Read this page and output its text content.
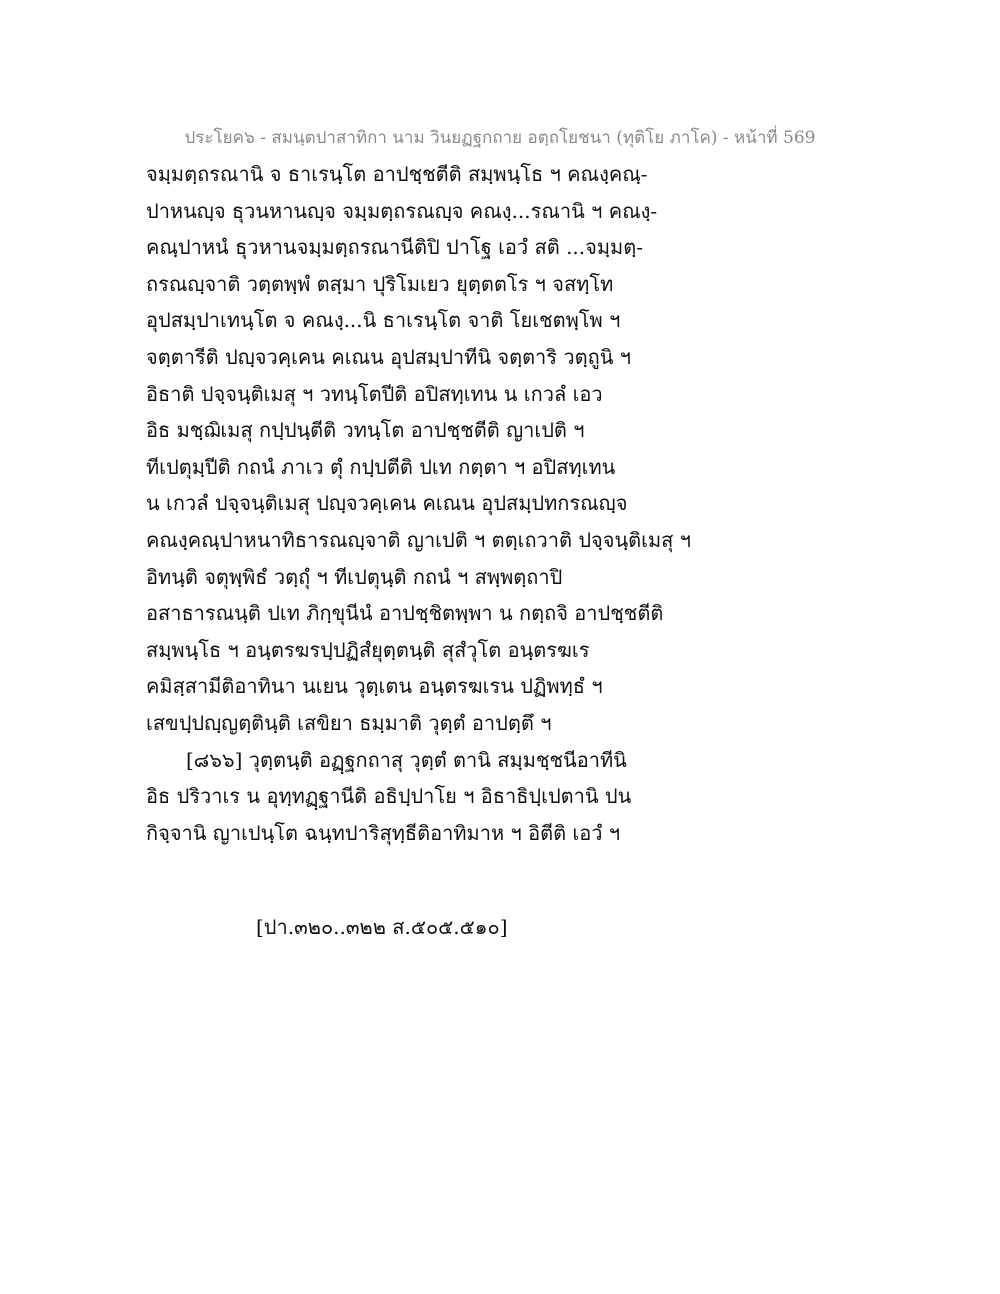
ประโยค๖ - สมนฺตปาสาทิกา นาม วินยฏฐกถาย อตฺถโยชนา (ทุติโย ภาโค) - หน้าที่ 569
จมฺมตฺถรณานิ จ ธาเรนฺโต อาปชฺชตีติ สมฺพนฺโธ ฯ คณงฺคณฺ-
ปาหนญฺจ ธุวนหานญฺจ จมฺมตฺถรณญฺจ คณงฺ...รณานิ ฯ คณงฺ-
คณฺปาหนํ ธุวหานจมฺมตฺถรณานีติปิ ปาโฐ เอวํ สติ ...จมฺมตฺ-
ถรณญฺจาติ วตฺตพฺพํ ตสฺมา ปุริโมเยว ยุตฺตตโร ฯ จสทฺโท
อุปสมฺปาเทนฺโต จ คณงฺ...นิ ธาเรนฺโต จาติ โยเชตพฺโพ ฯ
จตฺตารีติ ปญฺจวคฺเคน คเณน อุปสมฺปาทีนิ จตฺตาริ วตฺถูนิ ฯ
อิธาติ ปจฺจนฺติเมสุ ฯ วทนฺโตปีติ อปิสทฺเทน น เกวลํ เอว
อิธ มชฺฌิเมสุ กปฺปนฺตีติ วทนฺโต อาปชฺชตีติ ญาเปติ ฯ
ทีเปตุมฺปีติ กถนํ ภาเว ตุํ กปฺปตีติ ปเท กตฺตา ฯ อปิสทฺเทน
น เกวลํ ปจฺจนฺติเมสุ ปญฺจวคฺเคน คเณน อุปสมฺปทกรณญฺจ
คณงฺคณฺปาหนาทิธารณญฺจาติ ญาเปติ ฯ ตตฺเถวาติ ปจฺจนฺติเมสุ ฯ
อิทนฺติ จตุพฺพิธํ วตฺถุํ ฯ ทีเปตุนฺติ กถนํ ฯ สพฺพตฺถาปิ
อสาธารณนฺติ ปเท ภิกฺขุนีนํ อาปชฺชิตพฺพา น กตฺถจิ อาปชฺชตีติ
สมฺพนฺโธ ฯ อนฺตรฆรปฺปฏิสํยุตฺตนฺติ สุสํวุโต อนฺตรฆเร
คมิสฺสามีติอาทินา นเยน วุตฺเตน อนฺตรฆเรน ปฏิพทฺธํ ฯ
เสขปฺปญฺญตฺตินฺติ เสขิยา ธมฺมาติ วุตฺตํ อาปตฺตึ ฯ
[๘๖๖] วุตฺตนฺติ อฏฺฐกถาสุ วุตฺตํ ตานิ สมฺมชฺชนีอาทีนิ
อิธ ปริวาเร น อุทฺทฏฺฐานีติ อธิปฺปาโย ฯ อิธาธิปฺเปตานิ ปน
กิจฺจานิ ญาเปนฺโต ฉนฺทปาริสุทฺธีติอาทิมาห ฯ อิตีติ เอวํ ฯ
[ปา.๓๒๐..๓๒๒ ส.๕๐๕.๕๑๐]
